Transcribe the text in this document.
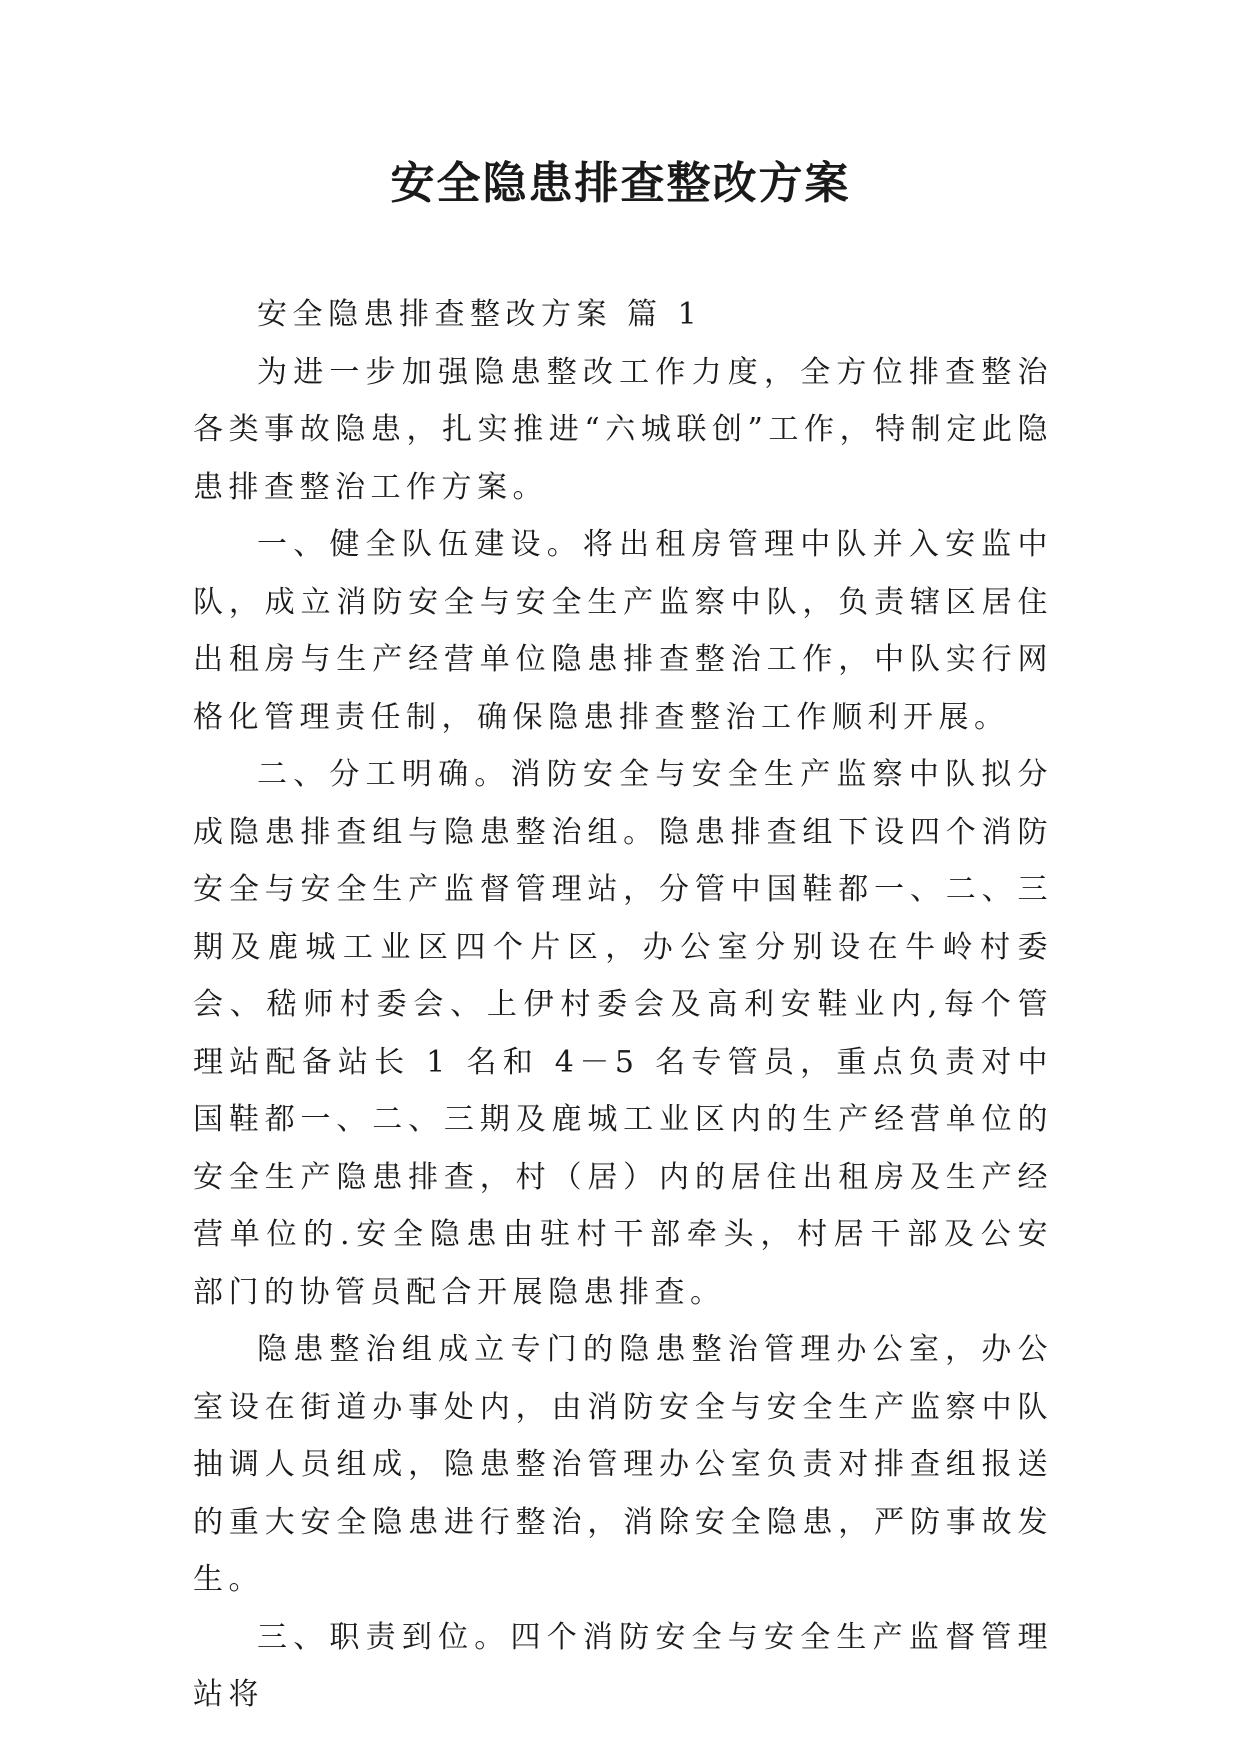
安全隐患排查整改方案

安全隐患排查整改方案 篇 1

为进一步加强隐患整改工作力度，全方位排查整治各类事故隐患，扎实推进“六城联创”工作，特制定此隐患排查整治工作方案。

一、健全队伍建设。将出租房管理中队并入安监中队，成立消防安全与安全生产监察中队，负责辖区居住出租房与生产经营单位隐患排查整治工作，中队实行网格化管理责任制，确保隐患排查整治工作顺利开展。

二、分工明确。消防安全与安全生产监察中队拟分成隐患排查组与隐患整治组。隐患排查组下设四个消防安全与安全生产监督管理站，分管中国鞋都一、二、三期及鹿城工业区四个片区，办公室分别设在牛岭村委会、嵇师村委会、上伊村委会及高利安鞋业内,每个管理站配备站长 1 名和 4－5 名专管员，重点负责对中国鞋都一、二、三期及鹿城工业区内的生产经营单位的安全生产隐患排查，村（居）内的居住出租房及生产经营单位的.安全隐患由驻村干部牵头，村居干部及公安部门的协管员配合开展隐患排查。

隐患整治组成立专门的隐患整治管理办公室，办公室设在街道办事处内，由消防安全与安全生产监察中队抽调人员组成，隐患整治管理办公室负责对排查组报送的重大安全隐患进行整治，消除安全隐患，严防事故发生。

三、职责到位。四个消防安全与安全生产监督管理站将
